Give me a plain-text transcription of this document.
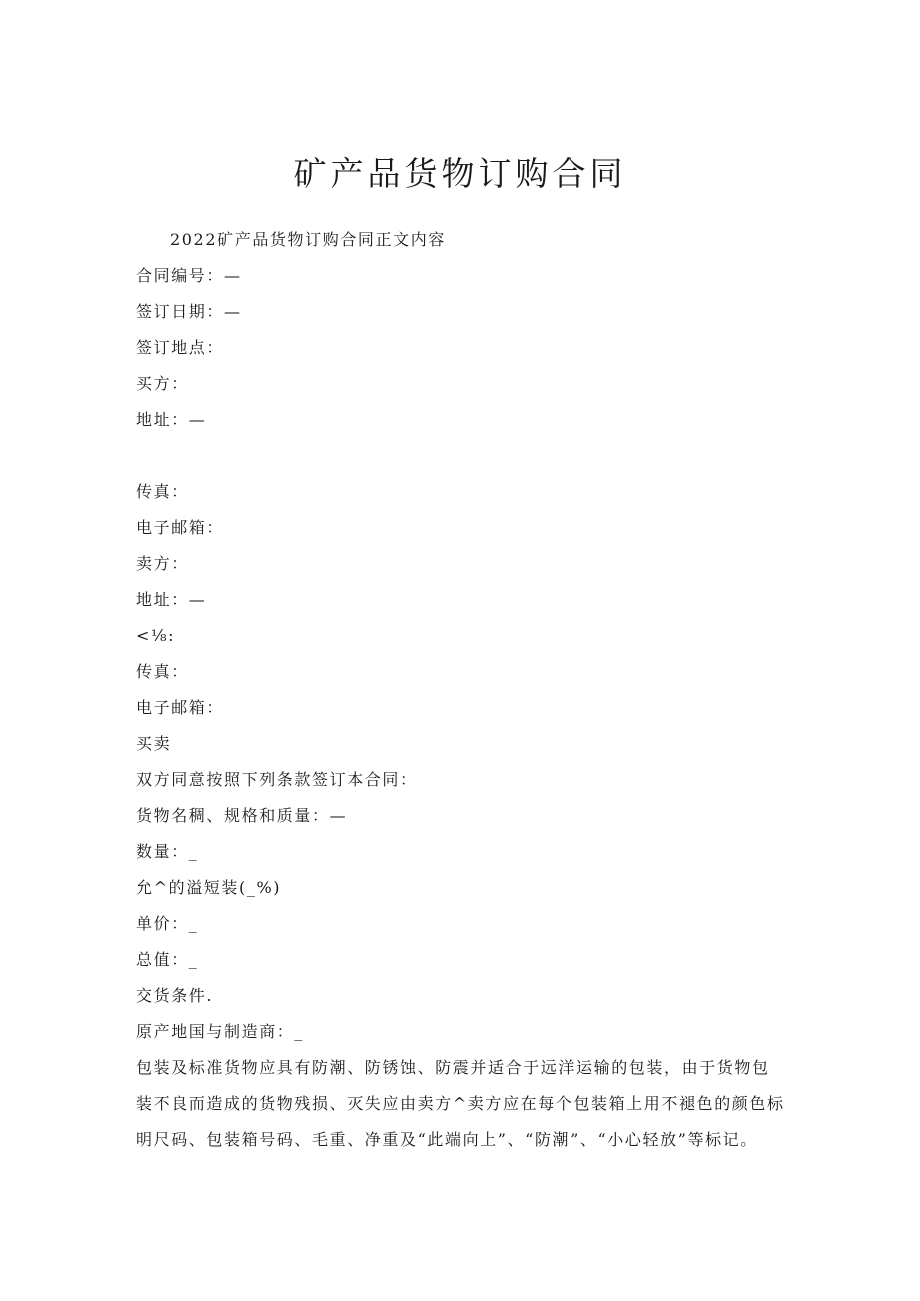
矿产品货物订购合同
2022矿产品货物订购合同正文内容
合同编号：—
签订日期：—
签订地点：
买方：
地址：—
传真：
电子邮箱：
卖方：
地址：—
<⅛:
传真：
电子邮箱：
买卖
双方同意按照下列条款签订本合同：
货物名稠、规格和质量：—
数量：_
允^的溢短装(_%)
单价：_
总值：_
交货条件.
原产地国与制造商：_
包装及标准货物应具有防潮、防锈蚀、防震并适合于远洋运输的包装，由于货物包装不良而造成的货物残损、灭失应由卖方^卖方应在每个包装箱上用不褪色的颜色标明尺码、包装箱号码、毛重、净重及“此端向上”、“防潮”、“小心轻放”等标记。
